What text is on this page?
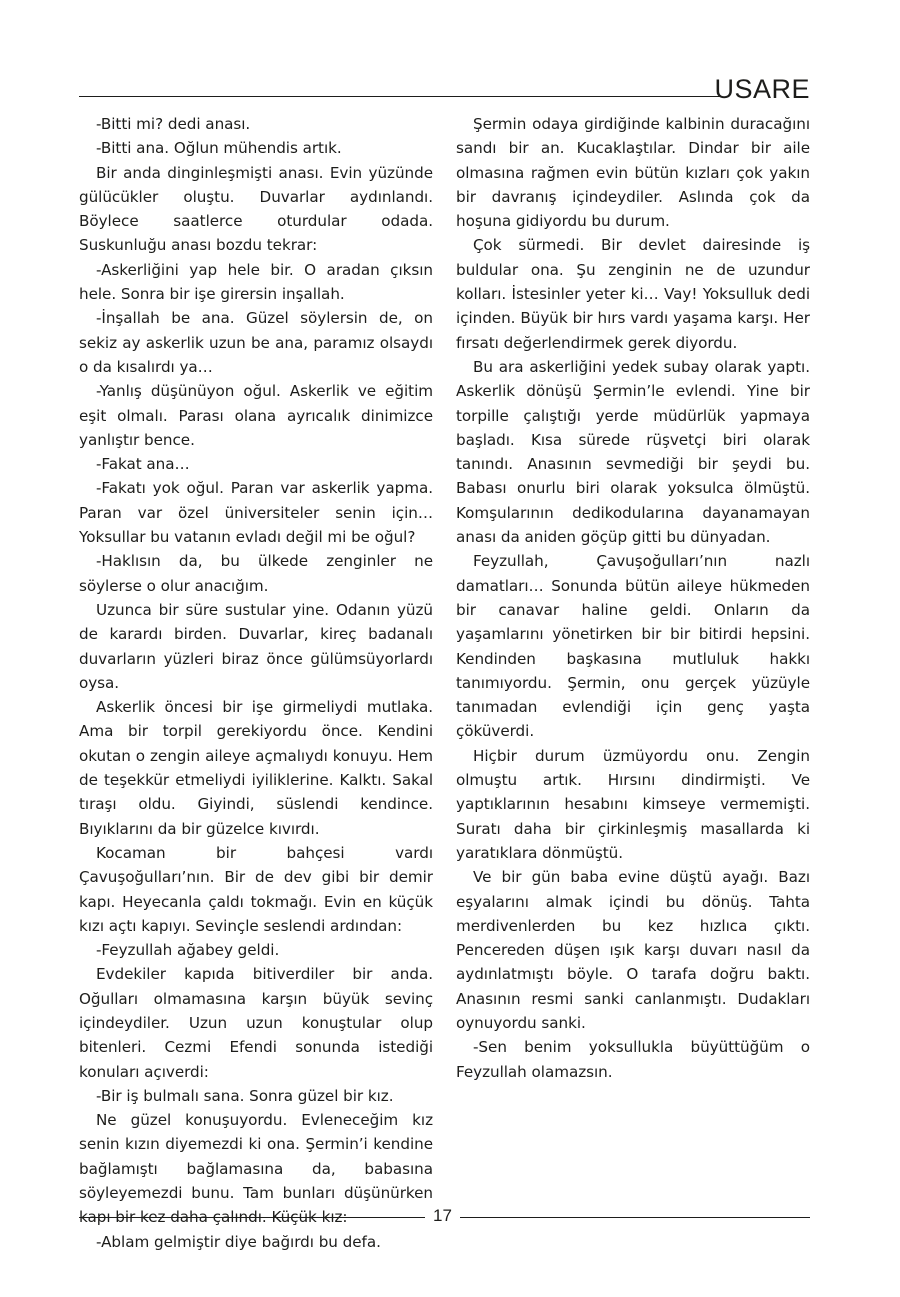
USARE

-Bitti mi? dedi anası.

-Bitti ana. Oğlun mühendis artık.

Bir anda dinginleşmişti anası. Evin yüzünde gülücükler oluştu. Duvarlar aydınlandı. Böylece saatlerce oturdular odada. Suskunluğu anası bozdu tekrar:

-Askerliğini yap hele bir. O aradan çıksın hele. Sonra bir işe girersin inşallah.

-İnşallah be ana. Güzel söylersin de, on sekiz ay askerlik uzun be ana, paramız olsaydı o da kısalırdı ya…

-Yanlış düşünüyon oğul. Askerlik ve eğitim eşit olmalı. Parası olana ayrıcalık dinimizce yanlıştır bence.

-Fakat ana…

-Fakatı yok oğul. Paran var askerlik yapma. Paran var özel üniversiteler senin için… Yoksullar bu vatanın evladı değil mi be oğul?

-Haklısın da, bu ülkede zenginler ne söylerse o olur anacığım.

Uzunca bir süre sustular yine. Odanın yüzü de karardı birden. Duvarlar, kireç badanalı duvarların yüzleri biraz önce gülümsüyorlardı oysa.

Askerlik öncesi bir işe girmeliydi mutlaka. Ama bir torpil gerekiyordu önce. Kendini okutan o zengin aileye açmalıydı konuyu. Hem de teşekkür etmeliydi iyiliklerine. Kalktı. Sakal tıraşı oldu. Giyindi, süslendi kendince. Bıyıklarını da bir güzelce kıvırdı.

Kocaman bir bahçesi vardı Çavuşoğulları’nın. Bir de dev gibi bir demir kapı. Heyecanla çaldı tokmağı. Evin en küçük kızı açtı kapıyı. Sevinçle seslendi ardından:

-Feyzullah ağabey geldi.

Evdekiler kapıda bitiverdiler bir anda. Oğulları olmamasına karşın büyük sevinç içindeydiler. Uzun uzun konuştular olup bitenleri. Cezmi Efendi sonunda istediği konuları açıverdi:

-Bir iş bulmalı sana. Sonra güzel bir kız.

Ne güzel konuşuyordu. Evleneceğim kız senin kızın diyemezdi ki ona. Şermin’i kendine bağlamıştı bağlamasına da, babasına söyleyemezdi bunu. Tam bunları düşünürken kapı bir kez daha çalındı. Küçük kız:

-Ablam gelmiştir diye bağırdı bu defa.

Şermin odaya girdiğinde kalbinin duracağını sandı bir an. Kucaklaştılar. Dindar bir aile olmasına rağmen evin bütün kızları çok yakın bir davranış içindeydiler. Aslında çok da hoşuna gidiyordu bu durum.

Çok sürmedi. Bir devlet dairesinde iş buldular ona. Şu zenginin ne de uzundur kolları. İstesinler yeter ki… Vay! Yoksulluk dedi içinden. Büyük bir hırs vardı yaşama karşı. Her fırsatı değerlendirmek gerek diyordu.

Bu ara askerliğini yedek subay olarak yaptı. Askerlik dönüşü Şermin’le evlendi. Yine bir torpille çalıştığı yerde müdürlük yapmaya başladı. Kısa sürede rüşvetçi biri olarak tanındı. Anasının sevmediği bir şeydi bu. Babası onurlu biri olarak yoksulca ölmüştü. Komşularının dedikodularına dayanamayan anası da aniden göçüp gitti bu dünyadan.

Feyzullah, Çavuşoğulları’nın nazlı damatları… Sonunda bütün aileye hükmeden bir canavar haline geldi. Onların da yaşamlarını yönetirken bir bir bitirdi hepsini. Kendinden başkasına mutluluk hakkı tanımıyordu. Şermin, onu gerçek yüzüyle tanımadan evlendiği için genç yaşta çöküverdi.

Hiçbir durum üzmüyordu onu. Zengin olmuştu artık. Hırsını dindirmişti. Ve yaptıklarının hesabını kimseye vermemişti. Suratı daha bir çirkinleşmiş masallarda ki yaratıklara dönmüştü.

Ve bir gün baba evine düştü ayağı. Bazı eşyalarını almak içindi bu dönüş. Tahta merdivenlerden bu kez hızlıca çıktı. Pencereden düşen ışık karşı duvarı nasıl da aydınlatmıştı böyle. O tarafa doğru baktı. Anasının resmi sanki canlanmıştı. Dudakları oynuyordu sanki.

-Sen benim yoksullukla büyüttüğüm o Feyzullah olamazsın.

17
